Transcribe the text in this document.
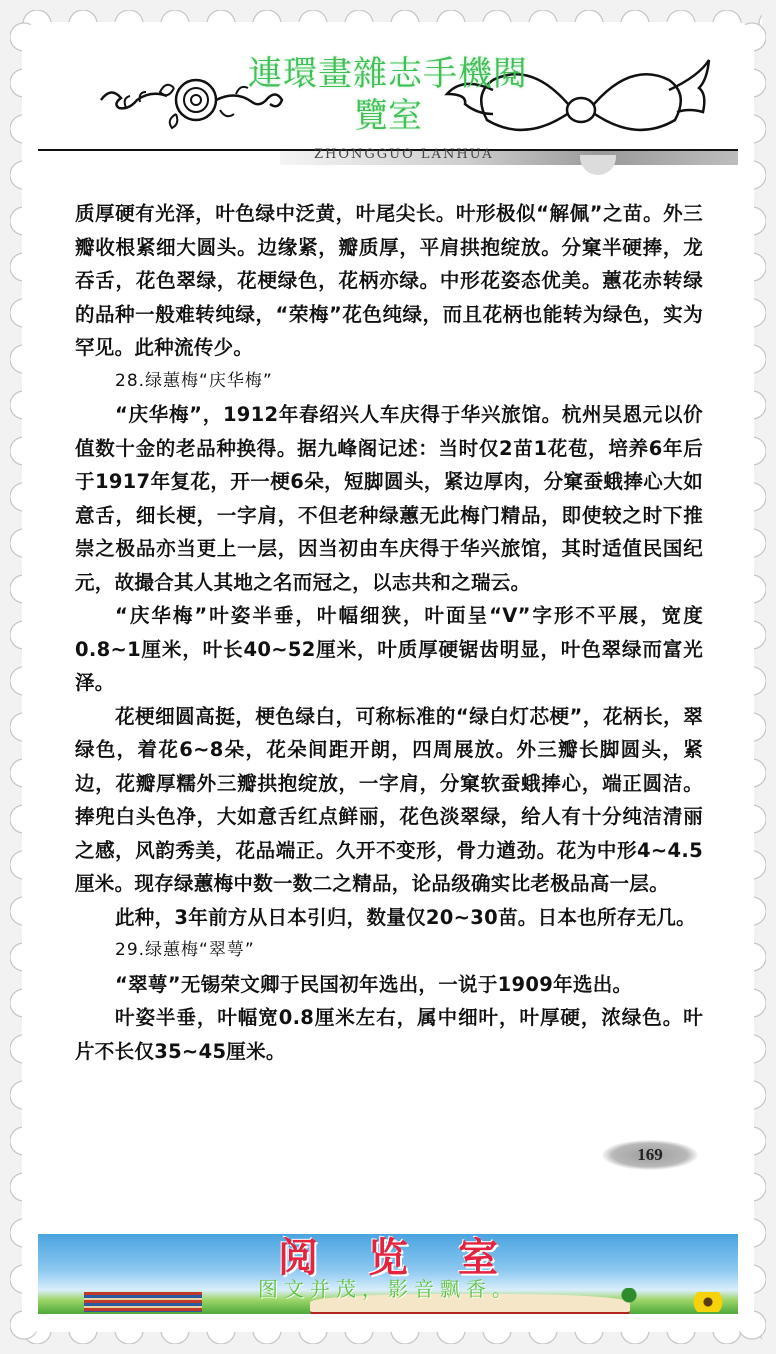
連環畫雜志手機閱
覽室
ZHONGGUO LANHUA

质厚硬有光泽，叶色绿中泛黄，叶尾尖长。叶形极似“解佩”之苗。外三瓣收根紧细大圆头。边缘紧，瓣质厚，平肩拱抱绽放。分窠半硬捧，龙吞舌，花色翠绿，花梗绿色，花柄亦绿。中形花姿态优美。蕙花赤转绿的品种一般难转纯绿，“荣梅”花色纯绿，而且花柄也能转为绿色，实为罕见。此种流传少。

28.绿蕙梅“庆华梅”

“庆华梅”，1912年春绍兴人车庆得于华兴旅馆。杭州吴恩元以价值数十金的老品种换得。据九峰阁记述：当时仅2苗1花苞，培养6年后于1917年复花，开一梗6朵，短脚圆头，紧边厚肉，分窠蚕蛾捧心大如意舌，细长梗，一字肩，不但老种绿蕙无此梅门精品，即使较之时下推崇之极品亦当更上一层，因当初由车庆得于华兴旅馆，其时适值民国纪元，故撮合其人其地之名而冠之，以志共和之瑞云。

“庆华梅”叶姿半垂，叶幅细狭，叶面呈“V”字形不平展，宽度0.8~1厘米，叶长40~52厘米，叶质厚硬锯齿明显，叶色翠绿而富光泽。

花梗细圆高挺，梗色绿白，可称标准的“绿白灯芯梗”，花柄长，翠绿色，着花6~8朵，花朵间距开朗，四周展放。外三瓣长脚圆头，紧边，花瓣厚糯外三瓣拱抱绽放，一字肩，分窠软蚕蛾捧心，端正圆洁。捧兜白头色净，大如意舌红点鲜丽，花色淡翠绿，给人有十分纯洁清丽之感，风韵秀美，花品端正。久开不变形，骨力遒劲。花为中形4~4.5厘米。现存绿蕙梅中数一数二之精品，论品级确实比老极品高一层。

此种，3年前方从日本引归，数量仅20~30苗。日本也所存无几。

29.绿蕙梅“翠萼”

“翠萼”无锡荣文卿于民国初年选出，一说于1909年选出。

叶姿半垂，叶幅宽0.8厘米左右，属中细叶，叶厚硬，浓绿色。叶片不长仅35~45厘米。

169
阅览室
图文并茂，影音飘香。
